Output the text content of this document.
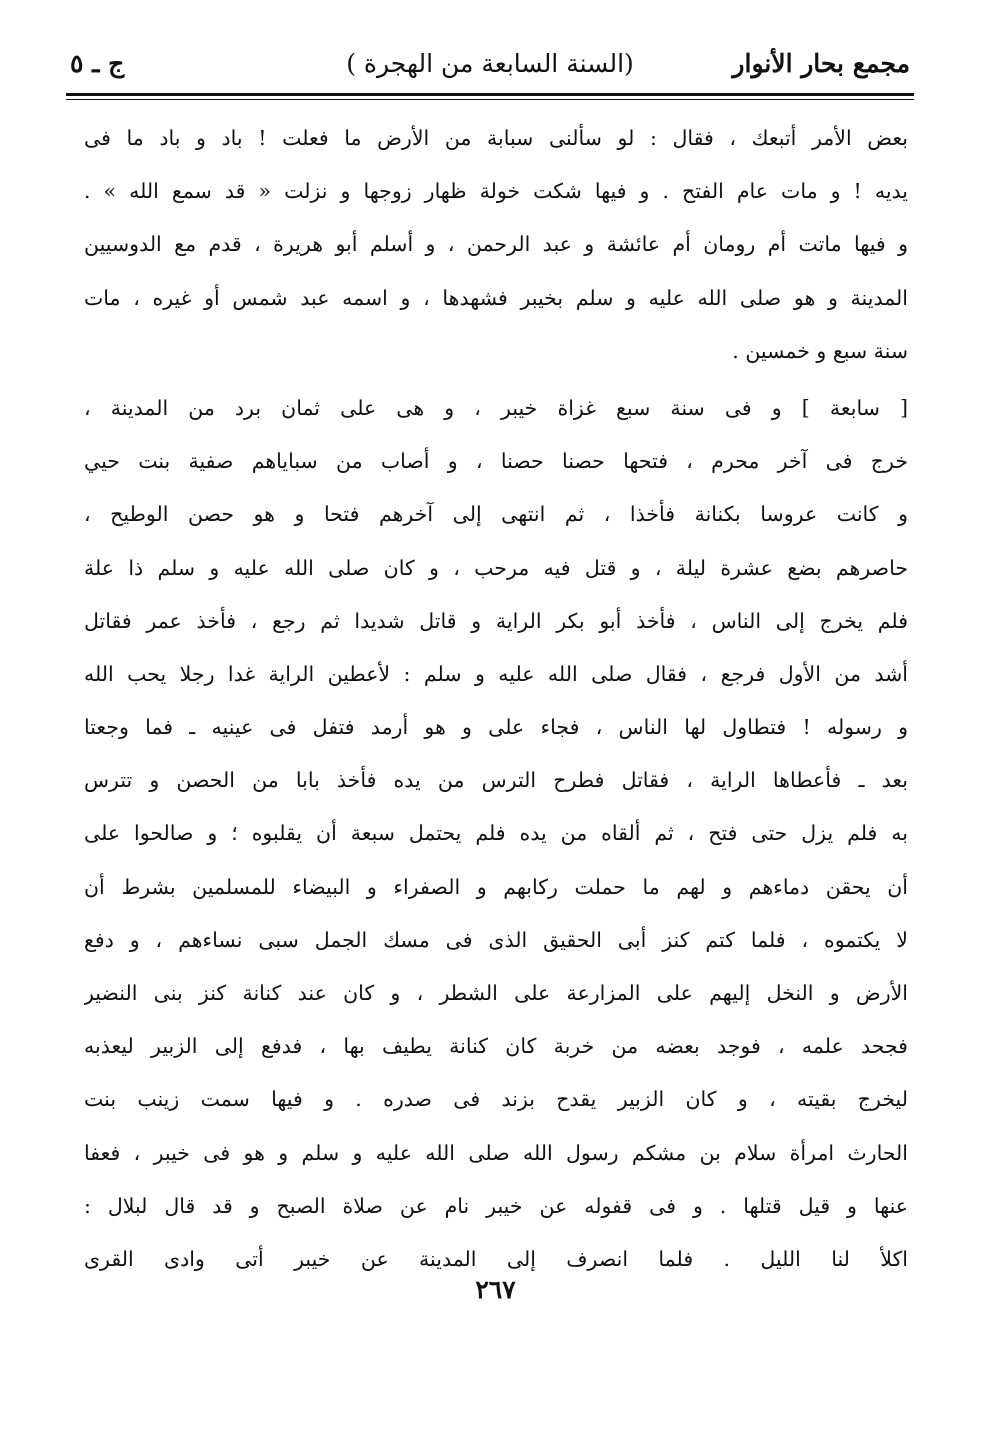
مجمع بحار الأنوار
(السنة السابعة من الهجرة )
ج ـ ٥
بعض الأمر أتبعك ، فقال : لو سألنى سبابة من الأرض ما فعلت ! باد و باد ما فى
يديه ! و مات عام الفتح . و فيها شكت خولة ظهار زوجها و نزلت « قد سمع الله » .
و فيها ماتت أم رومان أم عائشة و عبد الرحمن ، و أسلم أبو هريرة ، قدم مع الدوسيين
المدينة و هو صلى الله عليه و سلم بخيبر فشهدها ، و اسمه عبد شمس أو غيره ، مات
سنة سبع و خمسين .
[ سابعة ] و فى سنة سبع غزاة خيبر ، و هى على ثمان برد من المدينة ،
خرج فى آخر محرم ، فتحها حصنا حصنا ، و أصاب من سباياهم صفية بنت حيي
و كانت عروسا بكنانة فأخذا ، ثم انتهى إلى آخرهم فتحا و هو حصن الوطيح ،
حاصرهم بضع عشرة ليلة ، و قتل فيه مرحب ، و كان صلى الله عليه و سلم ذا علة
فلم يخرج إلى الناس ، فأخذ أبو بكر الراية و قاتل شديدا ثم رجع ، فأخذ عمر فقاتل
أشد من الأول فرجع ، فقال صلى الله عليه و سلم : لأعطين الراية غدا رجلا يحب الله
و رسوله ! فتطاول لها الناس ، فجاء على و هو أرمد فتفل فى عينيه ـ فما وجعتا
بعد ـ فأعطاها الراية ، فقاتل فطرح الترس من يده فأخذ بابا من الحصن و تترس
به فلم يزل حتى فتح ، ثم ألقاه من يده فلم يحتمل سبعة أن يقلبوه ؛ و صالحوا على
أن يحقن دماءهم و لهم ما حملت ركابهم و الصفراء و البيضاء للمسلمين بشرط أن
لا يكتموه ، فلما كتم كنز أبى الحقيق الذى فى مسك الجمل سبى نساءهم ، و دفع
الأرض و النخل إليهم على المزارعة على الشطر ، و كان عند كنانة كنز بنى النضير
فجحد علمه ، فوجد بعضه من خربة كان كنانة يطيف بها ، فدفع إلى الزبير ليعذبه
ليخرج بقيته ، و كان الزبير يقدح بزند فى صدره . و فيها سمت زينب بنت
الحارث امرأة سلام بن مشكم رسول الله صلى الله عليه و سلم و هو فى خيبر ، فعفا
عنها و قيل قتلها . و فى قفوله عن خيبر نام عن صلاة الصبح و قد قال لبلال :
اكلأ لنا الليل . فلما انصرف إلى المدينة عن خيبر أتى وادى القرى
٢٦٧
